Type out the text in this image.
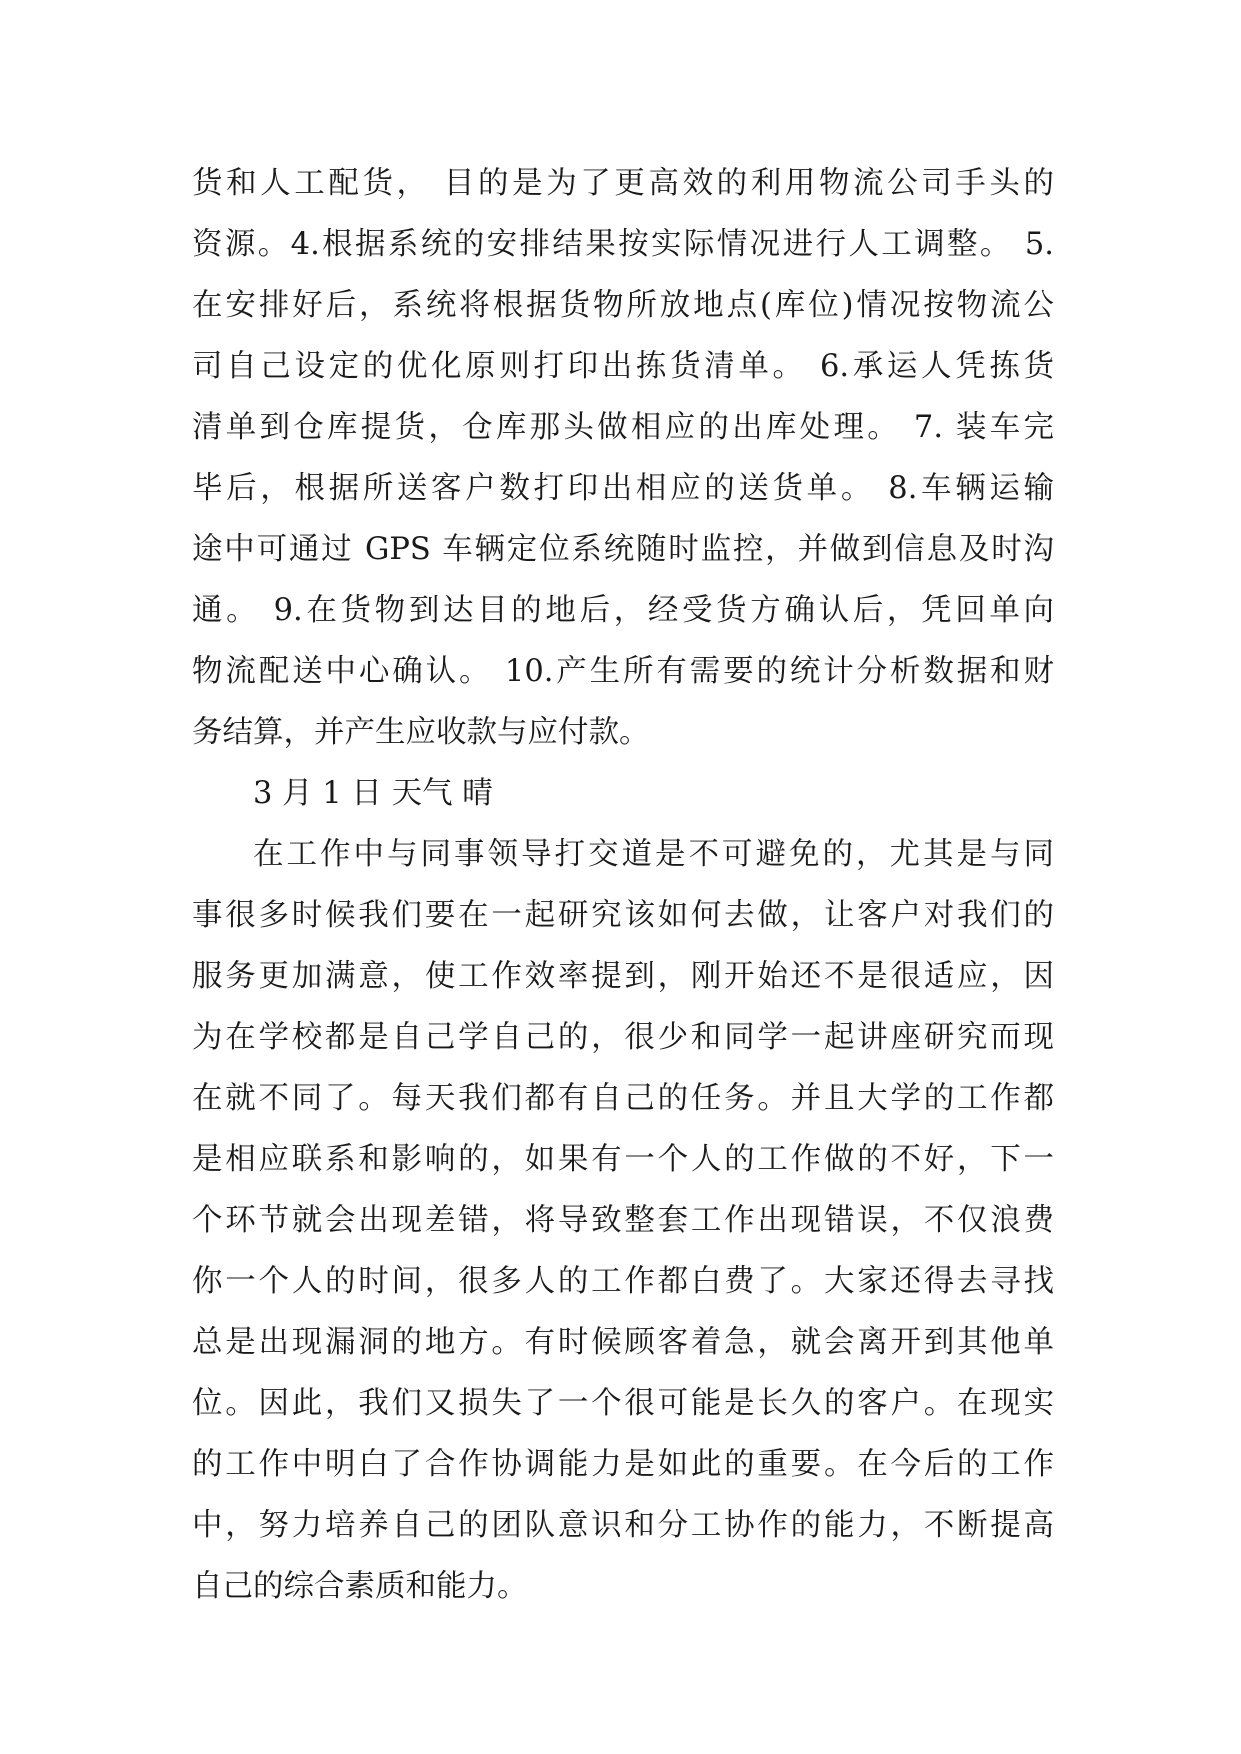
货和人工配货， 目的是为了更高效的利用物流公司手头的
资源。4.根据系统的安排结果按实际情况进行人工调整。 5.
在安排好后，系统将根据货物所放地点(库位)情况按物流公
司自己设定的优化原则打印出拣货清单。 6.承运人凭拣货
清单到仓库提货，仓库那头做相应的出库处理。 7. 装车完
毕后，根据所送客户数打印出相应的送货单。 8.车辆运输
途中可通过 GPS 车辆定位系统随时监控，并做到信息及时沟
通。 9.在货物到达目的地后，经受货方确认后，凭回单向
物流配送中心确认。 10.产生所有需要的统计分析数据和财
务结算，并产生应收款与应付款。
3 月 1 日 天气 晴
在工作中与同事领导打交道是不可避免的，尤其是与同
事很多时候我们要在一起研究该如何去做，让客户对我们的
服务更加满意，使工作效率提到，刚开始还不是很适应，因
为在学校都是自己学自己的，很少和同学一起讲座研究而现
在就不同了。每天我们都有自己的任务。并且大学的工作都
是相应联系和影响的，如果有一个人的工作做的不好，下一
个环节就会出现差错，将导致整套工作出现错误，不仅浪费
你一个人的时间，很多人的工作都白费了。大家还得去寻找
总是出现漏洞的地方。有时候顾客着急，就会离开到其他单
位。因此，我们又损失了一个很可能是长久的客户。在现实
的工作中明白了合作协调能力是如此的重要。在今后的工作
中，努力培养自己的团队意识和分工协作的能力，不断提高
自己的综合素质和能力。
